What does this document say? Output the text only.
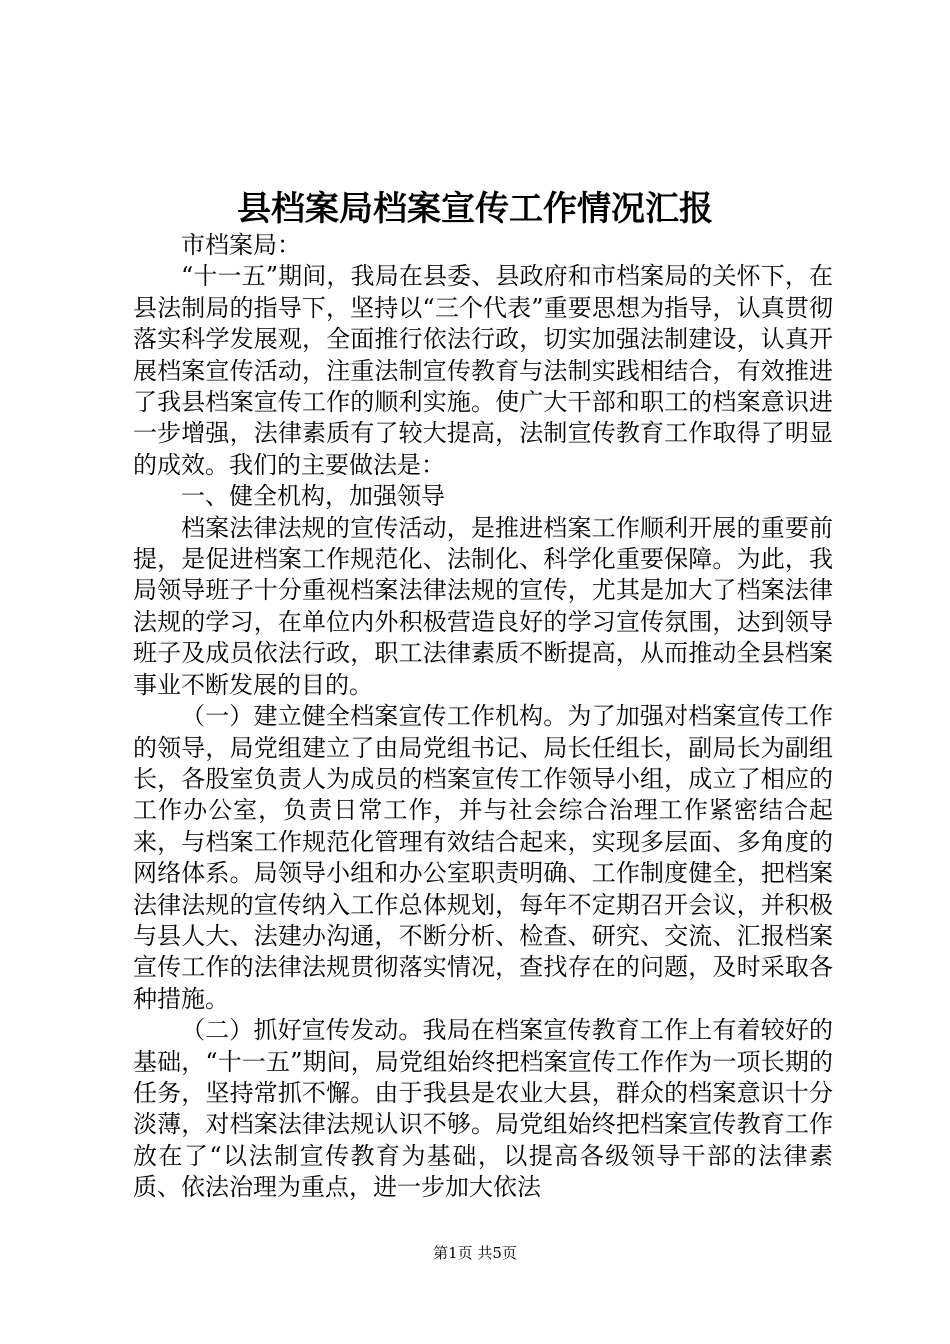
县档案局档案宣传工作情况汇报

市档案局：

“十一五”期间，我局在县委、县政府和市档案局的关怀下，在县法制局的指导下，坚持以“三个代表”重要思想为指导，认真贯彻落实科学发展观，全面推行依法行政，切实加强法制建设，认真开展档案宣传活动，注重法制宣传教育与法制实践相结合，有效推进了我县档案宣传工作的顺利实施。使广大干部和职工的档案意识进一步增强，法律素质有了较大提高，法制宣传教育工作取得了明显的成效。我们的主要做法是：

一、健全机构，加强领导

档案法律法规的宣传活动，是推进档案工作顺利开展的重要前提，是促进档案工作规范化、法制化、科学化重要保障。为此，我局领导班子十分重视档案法律法规的宣传，尤其是加大了档案法律法规的学习，在单位内外积极营造良好的学习宣传氛围，达到领导班子及成员依法行政，职工法律素质不断提高，从而推动全县档案事业不断发展的目的。

（一）建立健全档案宣传工作机构。为了加强对档案宣传工作的领导，局党组建立了由局党组书记、局长任组长，副局长为副组长，各股室负责人为成员的档案宣传工作领导小组，成立了相应的工作办公室，负责日常工作，并与社会综合治理工作紧密结合起来，与档案工作规范化管理有效结合起来，实现多层面、多角度的网络体系。局领导小组和办公室职责明确、工作制度健全，把档案法律法规的宣传纳入工作总体规划，每年不定期召开会议，并积极与县人大、法建办沟通，不断分析、检查、研究、交流、汇报档案宣传工作的法律法规贯彻落实情况，查找存在的问题，及时采取各种措施。

（二）抓好宣传发动。我局在档案宣传教育工作上有着较好的基础，“十一五”期间，局党组始终把档案宣传工作作为一项长期的任务，坚持常抓不懈。由于我县是农业大县，群众的档案意识十分淡薄，对档案法律法规认识不够。局党组始终把档案宣传教育工作放在了“以法制宣传教育为基础，以提高各级领导干部的法律素质、依法治理为重点，进一步加大依法

第1页 共5页
